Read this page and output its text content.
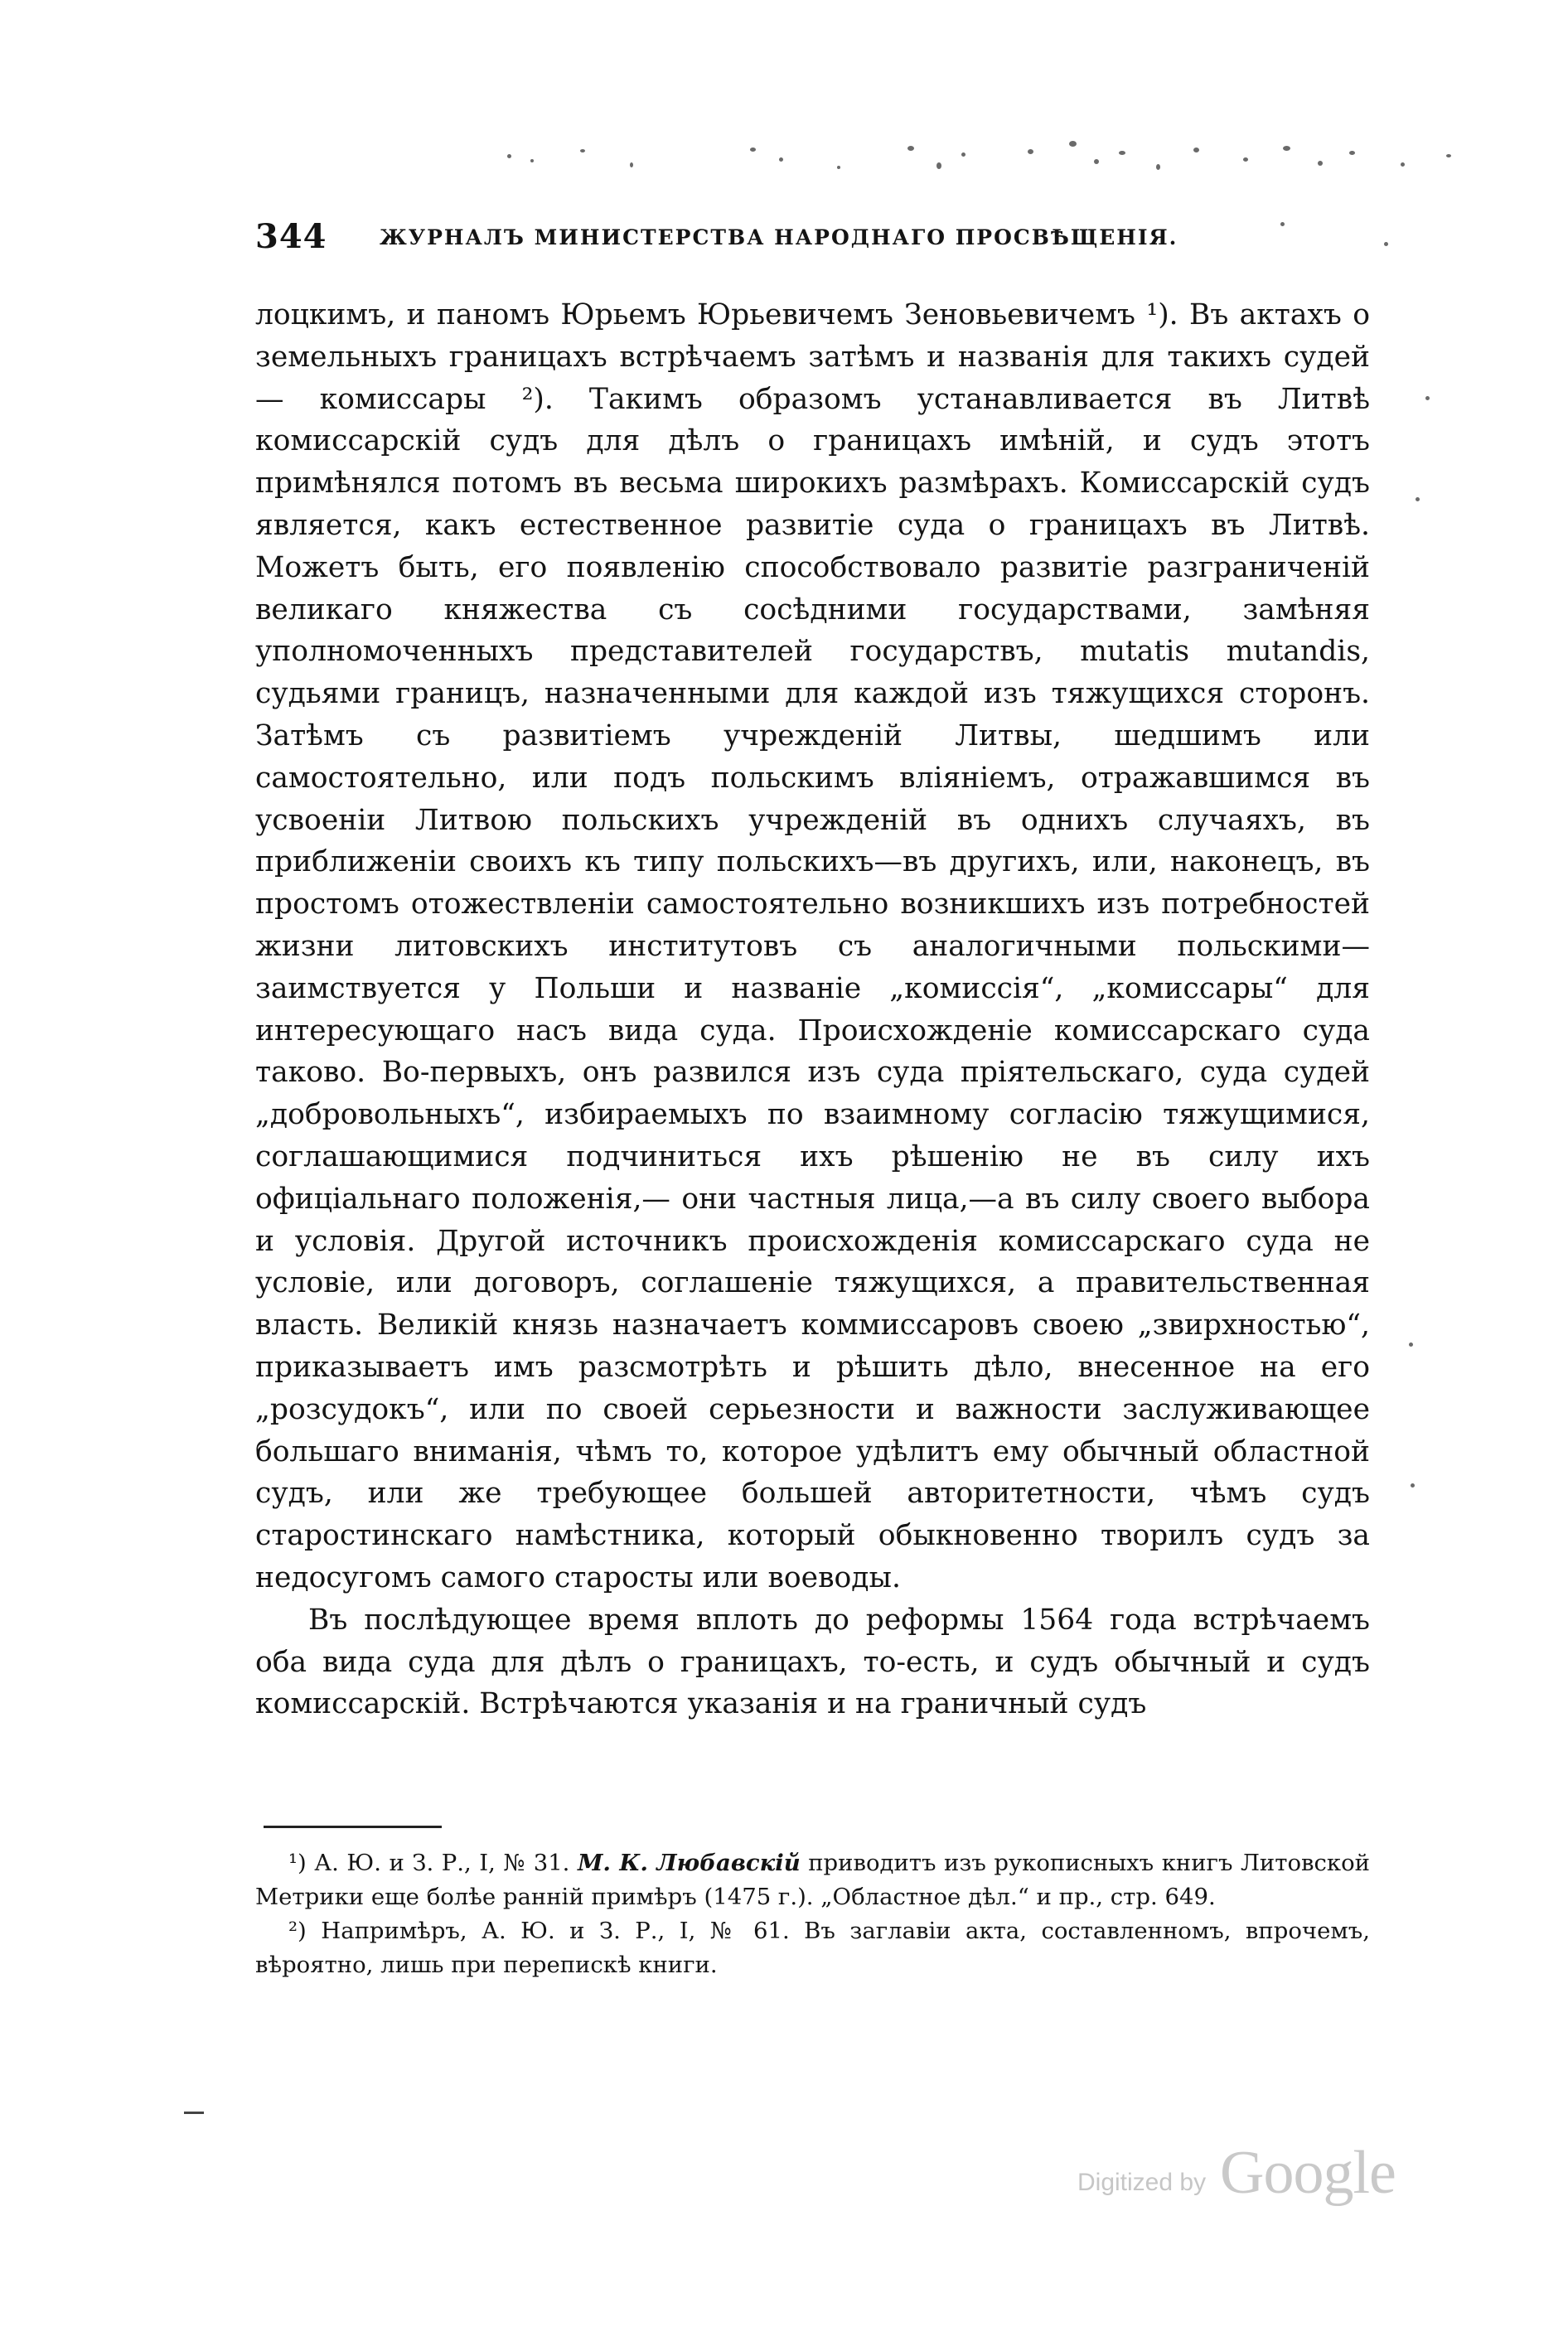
344	ЖУРНАЛЪ МИНИСТЕРСТВА НАРОДНАГО ПРОСВѢЩЕНІЯ.

лоцкимъ, и паномъ Юрьемъ Юрьевичемъ Зеновьевичемъ ¹). Въ актахъ о земельныхъ границахъ встрѣчаемъ затѣмъ и названія для такихъ судей — комиссары ²). Такимъ образомъ устанавливается въ Литвѣ комиссарскій судъ для дѣлъ о границахъ имѣній, и судъ этотъ примѣнялся потомъ въ весьма широкихъ размѣрахъ. Комиссарскій судъ является, какъ естественное развитіе суда о границахъ въ Литвѣ. Можетъ быть, его появленію способствовало развитіе разграниченій великаго княжества съ сосѣдними государствами, замѣняя уполномоченныхъ представителей государствъ, mutatis mutandis, судьями границъ, назначенными для каждой изъ тяжущихся сторонъ. Затѣмъ съ развитіемъ учрежденій Литвы, шедшимъ или самостоятельно, или подъ польскимъ вліяніемъ, отражавшимся въ усвоеніи Литвою польскихъ учрежденій въ однихъ случаяхъ, въ приближеніи своихъ къ типу польскихъ—въ другихъ, или, наконецъ, въ простомъ отожествленіи самостоятельно возникшихъ изъ потребностей жизни литовскихъ институтовъ съ аналогичными польскими—заимствуется у Польши и названіе „комиссія“, „комиссары“ для интересующаго насъ вида суда. Происхожденіе комиссарскаго суда таково. Во-первыхъ, онъ развился изъ суда пріятельскаго, суда судей „добровольныхъ“, избираемыхъ по взаимному согласію тяжущимися, соглашающимися подчиниться ихъ рѣшенію не въ силу ихъ офиціальнаго положенія,— они частныя лица,—а въ силу своего выбора и условія. Другой источникъ происхожденія комиссарскаго суда не условіе, или договоръ, соглашеніе тяжущихся, а правительственная власть. Великій князь назначаетъ коммиссаровъ своею „звирхностью“, приказываетъ имъ разсмотрѣть и рѣшить дѣло, внесенное на его „розсудокъ“, или по своей серьезности и важности заслуживающее большаго вниманія, чѣмъ то, которое удѣлитъ ему обычный областной судъ, или же требующее большей авторитетности, чѣмъ судъ старостинскаго намѣстника, который обыкновенно творилъ судъ за недосугомъ самого старосты или воеводы.

Въ послѣдующее время вплоть до реформы 1564 года встрѣчаемъ оба вида суда для дѣлъ о границахъ, то-есть, и судъ обычный и судъ комиссарскій. Встрѣчаются указанія и на граничный судъ

¹) А. Ю. и З. Р., I, № 31. М. К. Любавскій приводитъ изъ рукописныхъ книгъ Литовской Метрики еще болѣе ранній примѣръ (1475 г.). „Областное дѣл.“ и пр., стр. 649.

²) Напримѣръ, А. Ю. и З. Р., I, № 61. Въ заглавіи акта, составленномъ, впрочемъ, вѣроятно, лишь при перепискѣ книги.

Digitized by Google
